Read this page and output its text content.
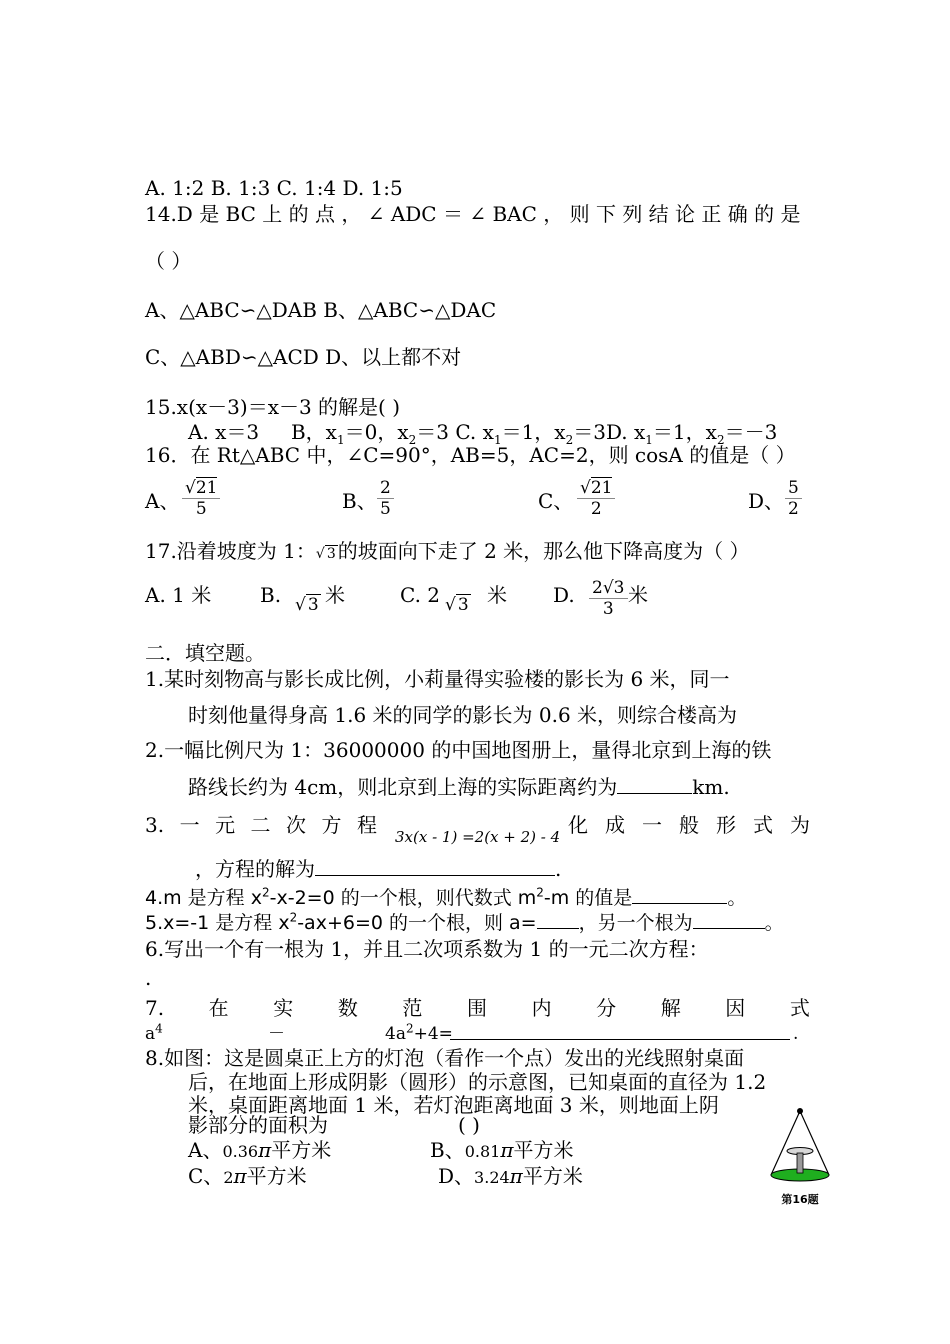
A. 1:2 B. 1:3 C. 1:4 D. 1:5
14.D 是 BC 上 的 点 ， ∠ ADC ＝ ∠ BAC ， 则 下 列 结 论 正 确 的 是
（ ）
A、△ABC∽△DAB B、△ABC∽△DAC
C、△ABD∽△ACD D、以上都不对
15.x(x－3)＝x－3 的解是( )
A. x＝3 B，$x_1=0$，$x_2=3$ C. $x_1=1$，$x_2=3D$. $x_1=1$，$x_2=-3$
16．在 Rt△ABC 中，∠C=90°，AB=5，AC=2，则 cosA 的值是（ ）
A、 $\frac{√21}{5}$	B、 $\frac{2}{5}$	C、 $\frac{√21}{2}$	D、 $\frac{5}{2}$
17.沿着坡度为 1：√ 3 的坡面向下走了 2 米，那么他下降高度为（ ）
A. 1 米 B. √ 3 米	C. 2 √ 3 米 D. $\frac{2√3}{3}$ 米
二．填空题。
1.某时刻物高与影长成比例，小莉量得实验楼的影长为 6 米，同一
时刻他量得身高 1.6 米的同学的影长为 0.6 米，则综合楼高为
2.一幅比例尺为 1：36000000 的中国地图册上，量得北京到上海的铁
路线长约为 4cm，则北京到上海的实际距离约为	km.
3. 一 元 二 次 方 程 3x(x - 1) =2(x + 2) - 4 化 成 一 般 形 式 为
，方程的解为	.
4.m 是方程 $x^2-x-2=0$ 的一个根，则代数式 $m^2-m$ 的值是	。
5.x=-1 是方程 $x^2-ax+6=0$ 的一个根，则 a= ，另一个根为	。
6.写出一个有一根为 1，并且二次项系数为 1 的一元二次方程：
.
7. 在 实 数 范 围 内 分 解 因 式
$a^4$	－	$4a^2+4=$	.
8.如图：这是圆桌正上方的灯泡（看作一个点）发出的光线照射桌面
后，在地面上形成阴影（圆形）的示意图，已知桌面的直径为 1.2
米，桌面距离地面 1 米，若灯泡距离地面 3 米，则地面上阴
影部分的面积为	( )
A、0.36π平方米	B、0.81π平方米
C、2π平方米	D、3.24π平方米
第16题
